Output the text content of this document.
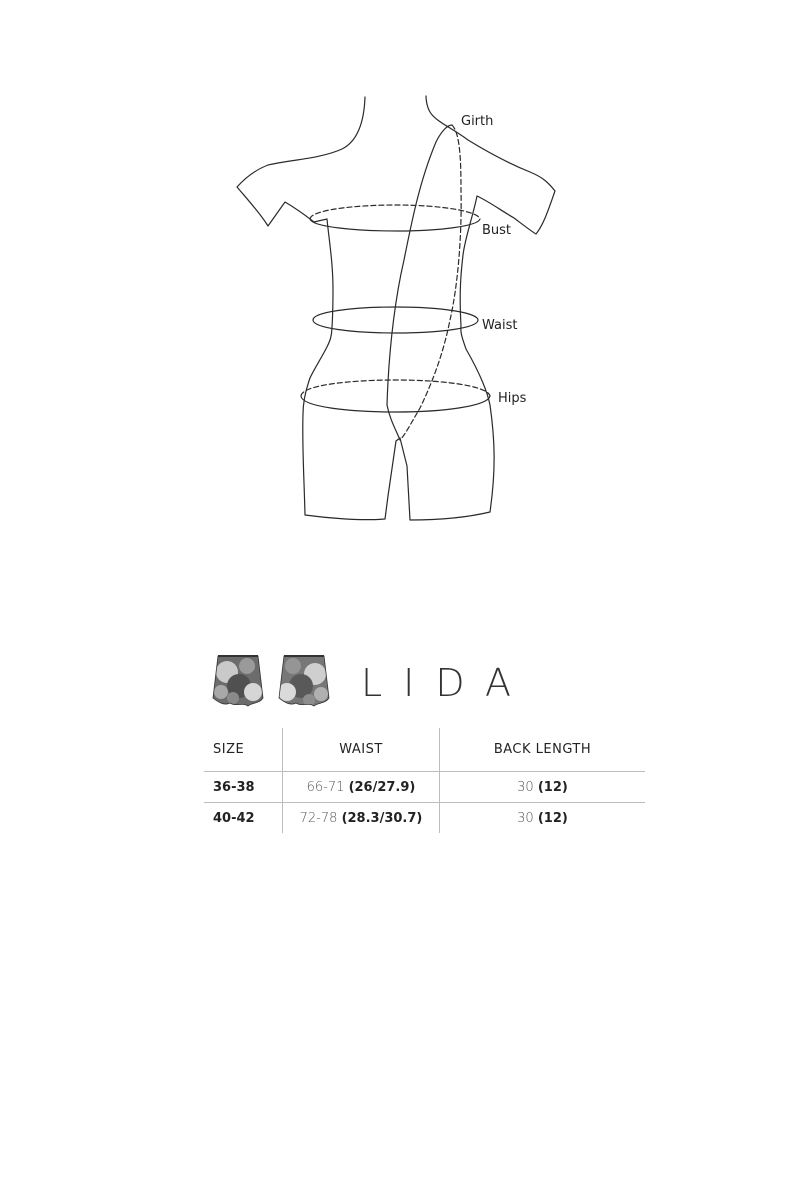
Girth
Bust
Waist
Hips
LIDA
SIZE	WAIST	BACK LENGTH
36-38	66-71 (26/27.9)	30 (12)
40-42	72-78 (28.3/30.7)	30 (12)
